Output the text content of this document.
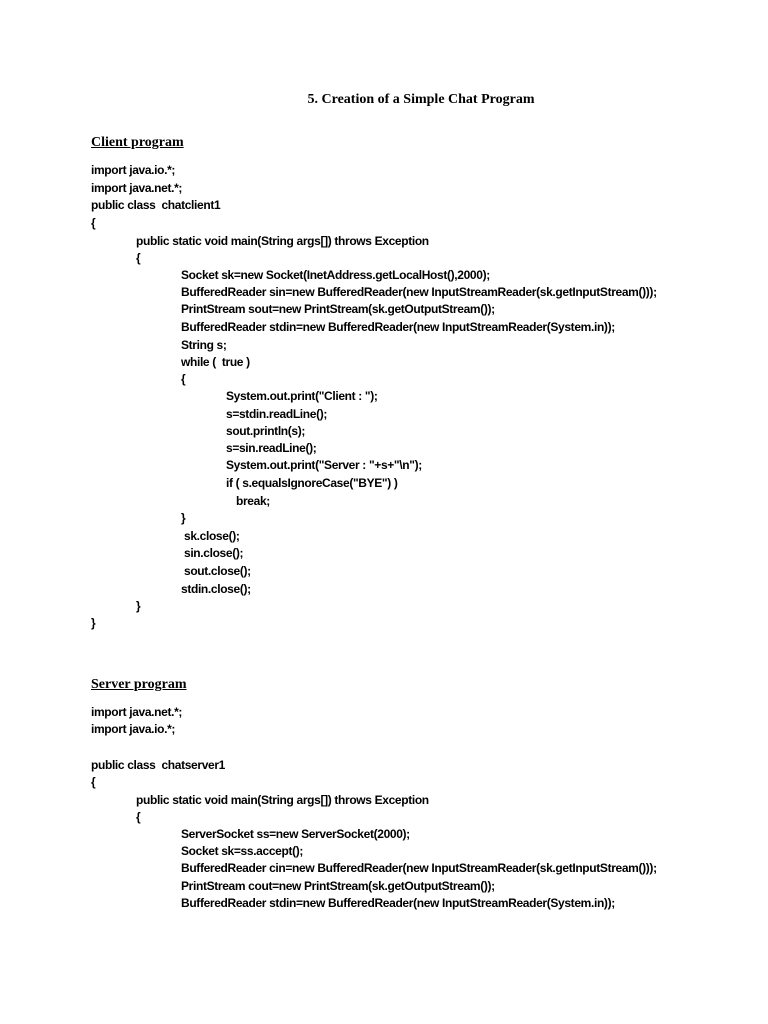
5. Creation of a Simple Chat Program
Client program
import java.io.*;
import java.net.*;
public class  chatclient1
{
public static void main(String args[]) throws Exception
{
Socket sk=new Socket(InetAddress.getLocalHost(),2000);
BufferedReader sin=new BufferedReader(new InputStreamReader(sk.getInputStream()));
PrintStream sout=new PrintStream(sk.getOutputStream());
BufferedReader stdin=new BufferedReader(new InputStreamReader(System.in));
String s;
while (  true )
{
System.out.print("Client : ");
s=stdin.readLine();
sout.println(s);
s=sin.readLine();
System.out.print("Server : "+s+"\n");
if ( s.equalsIgnoreCase("BYE") )
break;
}
sk.close();
sin.close();
sout.close();
stdin.close();
}
}
Server program
import java.net.*;
import java.io.*;
public class  chatserver1
{
public static void main(String args[]) throws Exception
{
ServerSocket ss=new ServerSocket(2000);
Socket sk=ss.accept();
BufferedReader cin=new BufferedReader(new InputStreamReader(sk.getInputStream()));
PrintStream cout=new PrintStream(sk.getOutputStream());
BufferedReader stdin=new BufferedReader(new InputStreamReader(System.in));
